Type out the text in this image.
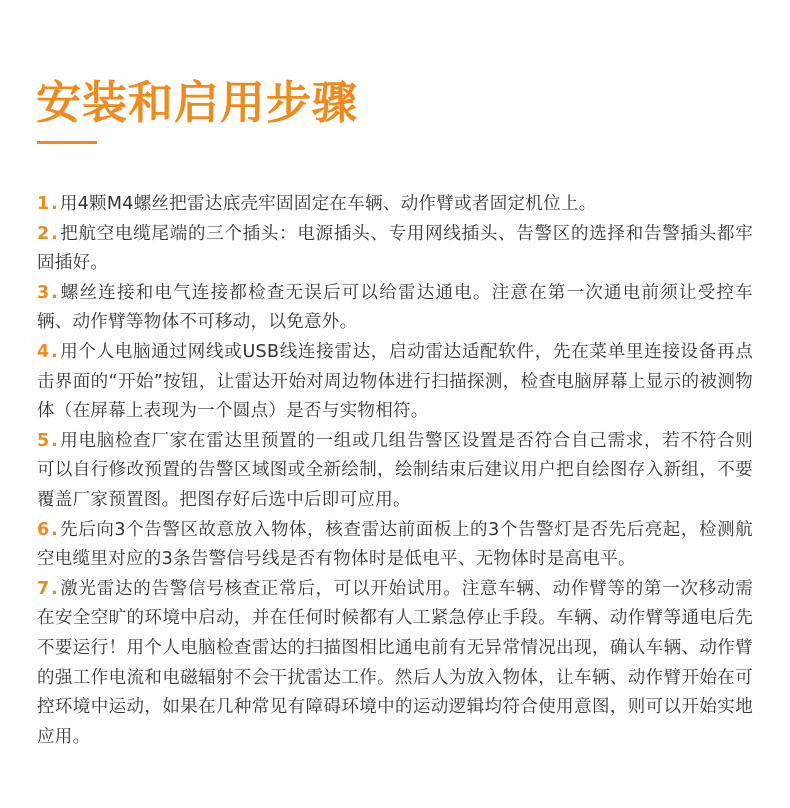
安装和启用步骤
1.用4颗M4螺丝把雷达底壳牢固固定在车辆、动作臂或者固定机位上。
2.把航空电缆尾端的三个插头：电源插头、专用网线插头、告警区的选择和告警插头都牢固插好。
3.螺丝连接和电气连接都检查无误后可以给雷达通电。注意在第一次通电前须让受控车辆、动作臂等物体不可移动，以免意外。
4.用个人电脑通过网线或USB线连接雷达，启动雷达适配软件，先在菜单里连接设备再点击界面的“开始”按钮，让雷达开始对周边物体进行扫描探测，检查电脑屏幕上显示的被测物体（在屏幕上表现为一个圆点）是否与实物相符。
5.用电脑检查厂家在雷达里预置的一组或几组告警区设置是否符合自己需求，若不符合则可以自行修改预置的告警区域图或全新绘制，绘制结束后建议用户把自绘图存入新组，不要覆盖厂家预置图。把图存好后选中后即可应用。
6.先后向3个告警区故意放入物体，核查雷达前面板上的3个告警灯是否先后亮起，检测航空电缆里对应的3条告警信号线是否有物体时是低电平、无物体时是高电平。
7.激光雷达的告警信号核查正常后，可以开始试用。注意车辆、动作臂等的第一次移动需在安全空旷的环境中启动，并在任何时候都有人工紧急停止手段。车辆、动作臂等通电后先不要运行！用个人电脑检查雷达的扫描图相比通电前有无异常情况出现，确认车辆、动作臂的强工作电流和电磁辐射不会干扰雷达工作。然后人为放入物体，让车辆、动作臂开始在可控环境中运动，如果在几种常见有障碍环境中的运动逻辑均符合使用意图，则可以开始实地应用。
